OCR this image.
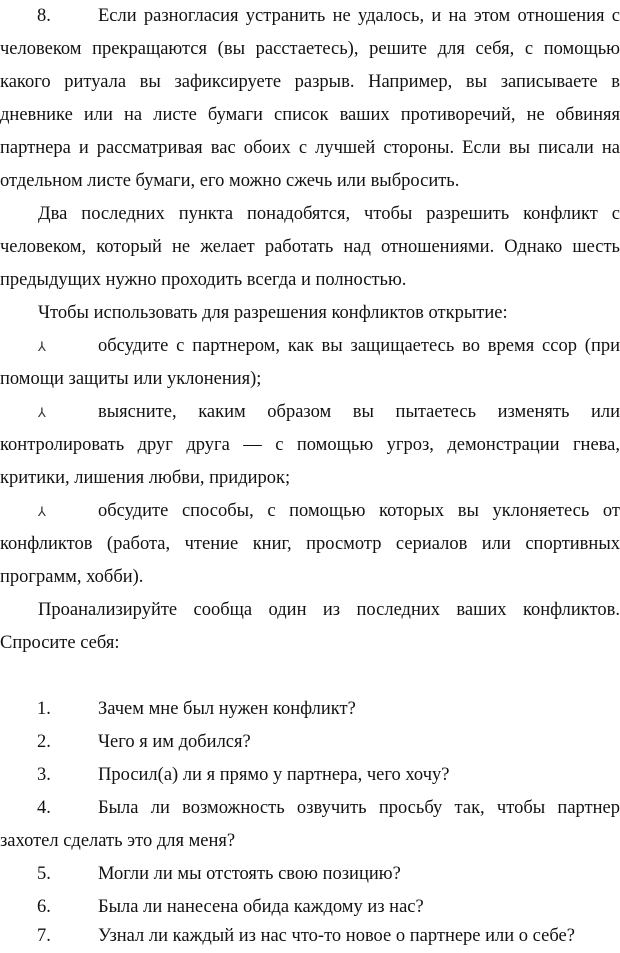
8.	Если разногласия устранить не удалось, и на этом отношения с
человеком прекращаются (вы расстаетесь), решите для себя, с помощью
какого ритуала вы зафиксируете разрыв. Например, вы записываете в
дневнике или на листе бумаги список ваших противоречий, не обвиняя
партнера и рассматривая вас обоих с лучшей стороны. Если вы писали на
отдельном листе бумаги, его можно сжечь или выбросить.
Два последних пункта понадобятся, чтобы разрешить конфликт с
человеком, который не желает работать над отношениями. Однако шесть
предыдущих нужно проходить всегда и полностью.
Чтобы использовать для разрешения конфликтов открытие:
⅄	обсудите с партнером, как вы защищаетесь во время ссор (при
помощи защиты или уклонения);
⅄	выясните, каким образом вы пытаетесь изменять или
контролировать друг друга — с помощью угроз, демонстрации гнева,
критики, лишения любви, придирок;
⅄	обсудите способы, с помощью которых вы уклоняетесь от
конфликтов (работа, чтение книг, просмотр сериалов или спортивных
программ, хобби).
Проанализируйте сообща один из последних ваших конфликтов.
Спросите себя:
1.	Зачем мне был нужен конфликт?
2.	Чего я им добился?
3.	Просил(а) ли я прямо у партнера, чего хочу?
4.	Была ли возможность озвучить просьбу так, чтобы партнер
захотел сделать это для меня?
5.	Могли ли мы отстоять свою позицию?
6.	Была ли нанесена обида каждому из нас?
7.	Узнал ли каждый из нас что-то новое о партнере или о себе?
